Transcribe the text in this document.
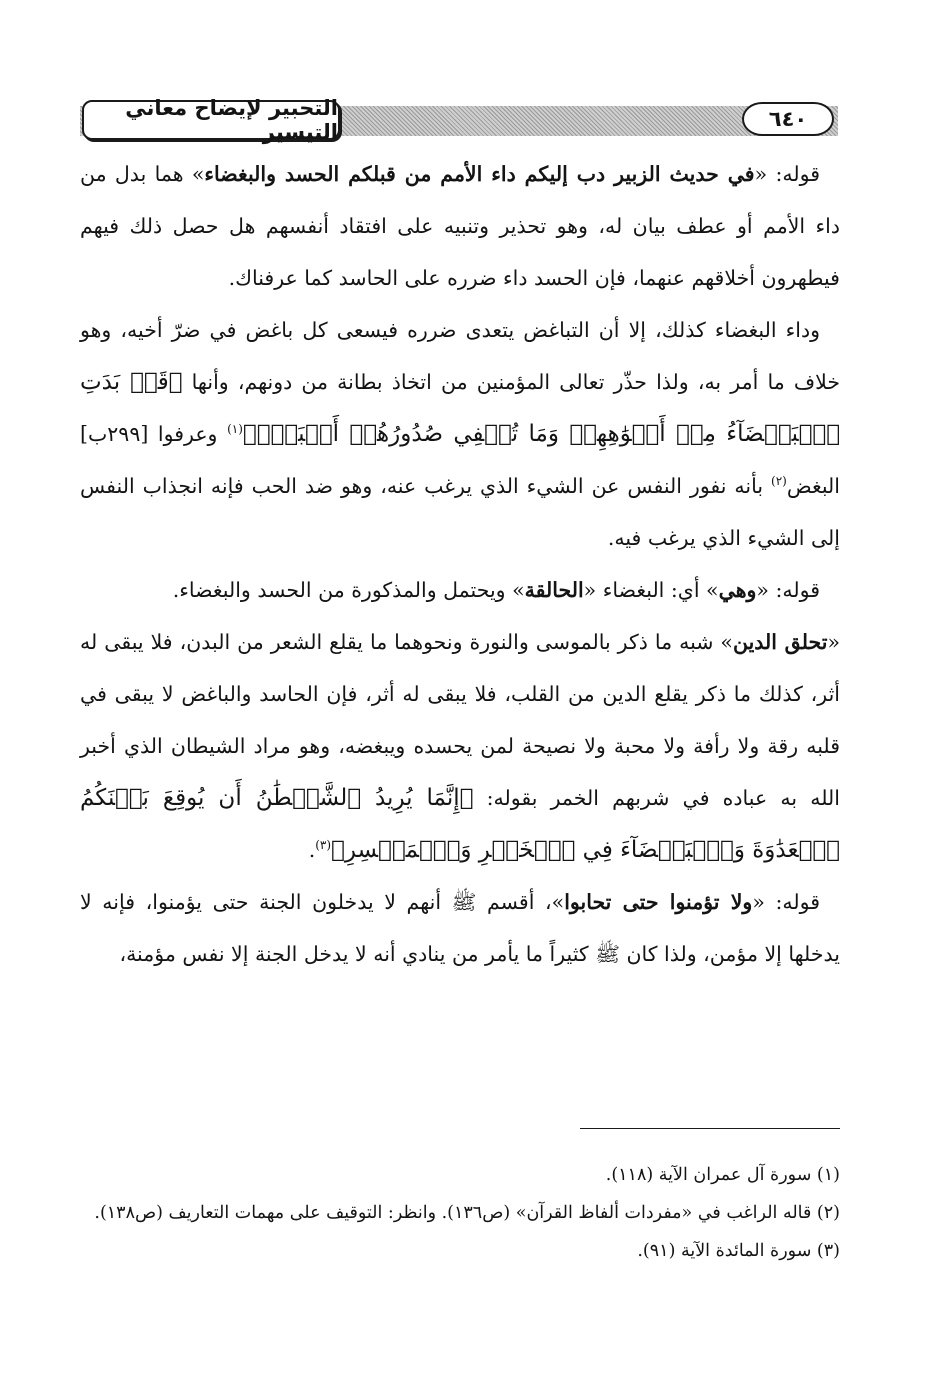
التحبير لإيضاح معاني التيسير
٦٤٠

قوله: «في حديث الزبير دب إليكم داء الأمم من قبلكم الحسد والبغضاء» هما بدل من داء الأمم أو عطف بيان له، وهو تحذير وتنبيه على افتقاد أنفسهم هل حصل ذلك فيهم فيطهرون أخلاقهم عنهما، فإن الحسد داء ضرره على الحاسد كما عرفناك.

وداء البغضاء كذلك، إلا أن التباغض يتعدى ضرره فيسعى كل باغض في ضرّ أخيه، وهو خلاف ما أمر به، ولذا حذّر تعالى المؤمنين من اتخاذ بطانة من دونهم، وأنها ﴿قَدۡ بَدَتِ ٱلۡبَغۡضَآءُ مِنۡ أَفۡوَٰهِهِمۡ وَمَا تُخۡفِي صُدُورُهُمۡ أَكۡبَرُۚ﴾$^{(١)}$ وعرفوا [٢٩٩ب] البغض$^{(٢)}$ بأنه نفور النفس عن الشيء الذي يرغب عنه، وهو ضد الحب فإنه انجذاب النفس إلى الشيء الذي يرغب فيه.

قوله: «وهي» أي: البغضاء «الحالقة» ويحتمل والمذكورة من الحسد والبغضاء.

«تحلق الدين» شبه ما ذكر بالموسى والنورة ونحوهما ما يقلع الشعر من البدن، فلا يبقى له أثر، كذلك ما ذكر يقلع الدين من القلب، فلا يبقى له أثر، فإن الحاسد والباغض لا يبقى في قلبه رقة ولا رأفة ولا محبة ولا نصيحة لمن يحسده ويبغضه، وهو مراد الشيطان الذي أخبر الله به عباده في شربهم الخمر بقوله: ﴿إِنَّمَا يُرِيدُ ٱلشَّيۡطَٰنُ أَن يُوقِعَ بَيۡنَكُمُ ٱلۡعَدَٰوَةَ وَٱلۡبَغۡضَآءَ فِي ٱلۡخَمۡرِ وَٱلۡمَيۡسِرِ﴾$^{(٣)}$.

قوله: «ولا تؤمنوا حتى تحابوا»، أقسم ﷺ أنهم لا يدخلون الجنة حتى يؤمنوا، فإنه لا يدخلها إلا مؤمن، ولذا كان ﷺ كثيراً ما يأمر من ينادي أنه لا يدخل الجنة إلا نفس مؤمنة،

(١) سورة آل عمران الآية (١١٨).

(٢) قاله الراغب في «مفردات ألفاظ القرآن» (ص١٣٦). وانظر: التوقيف على مهمات التعاريف (ص١٣٨).

(٣) سورة المائدة الآية (٩١).
